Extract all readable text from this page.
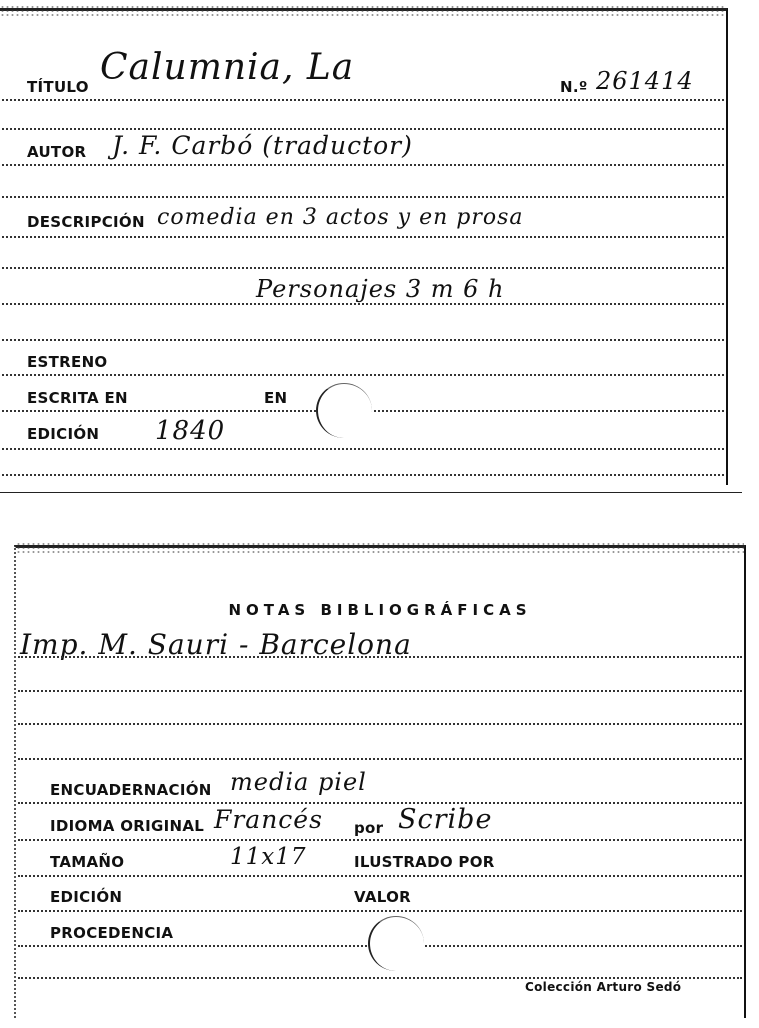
TÍTULO Calumnia, La	N.º 261414
AUTOR J. F. Carbó (traductor)
DESCRIPCIÓN comedia en 3 actos y en prosa
Personajes 3 m 6 h
ESTRENO
ESCRITA EN	EN
EDICIÓN 1840
NOTAS BIBLIOGRÁFICAS
Imp. M. Sauri - Barcelona
ENCUADERNACIÓN media piel
IDIOMA ORIGINAL Francés por Scribe
TAMAÑO	11x17	ILUSTRADO POR
EDICIÓN	VALOR
PROCEDENCIA
Colección Arturo Sedó
